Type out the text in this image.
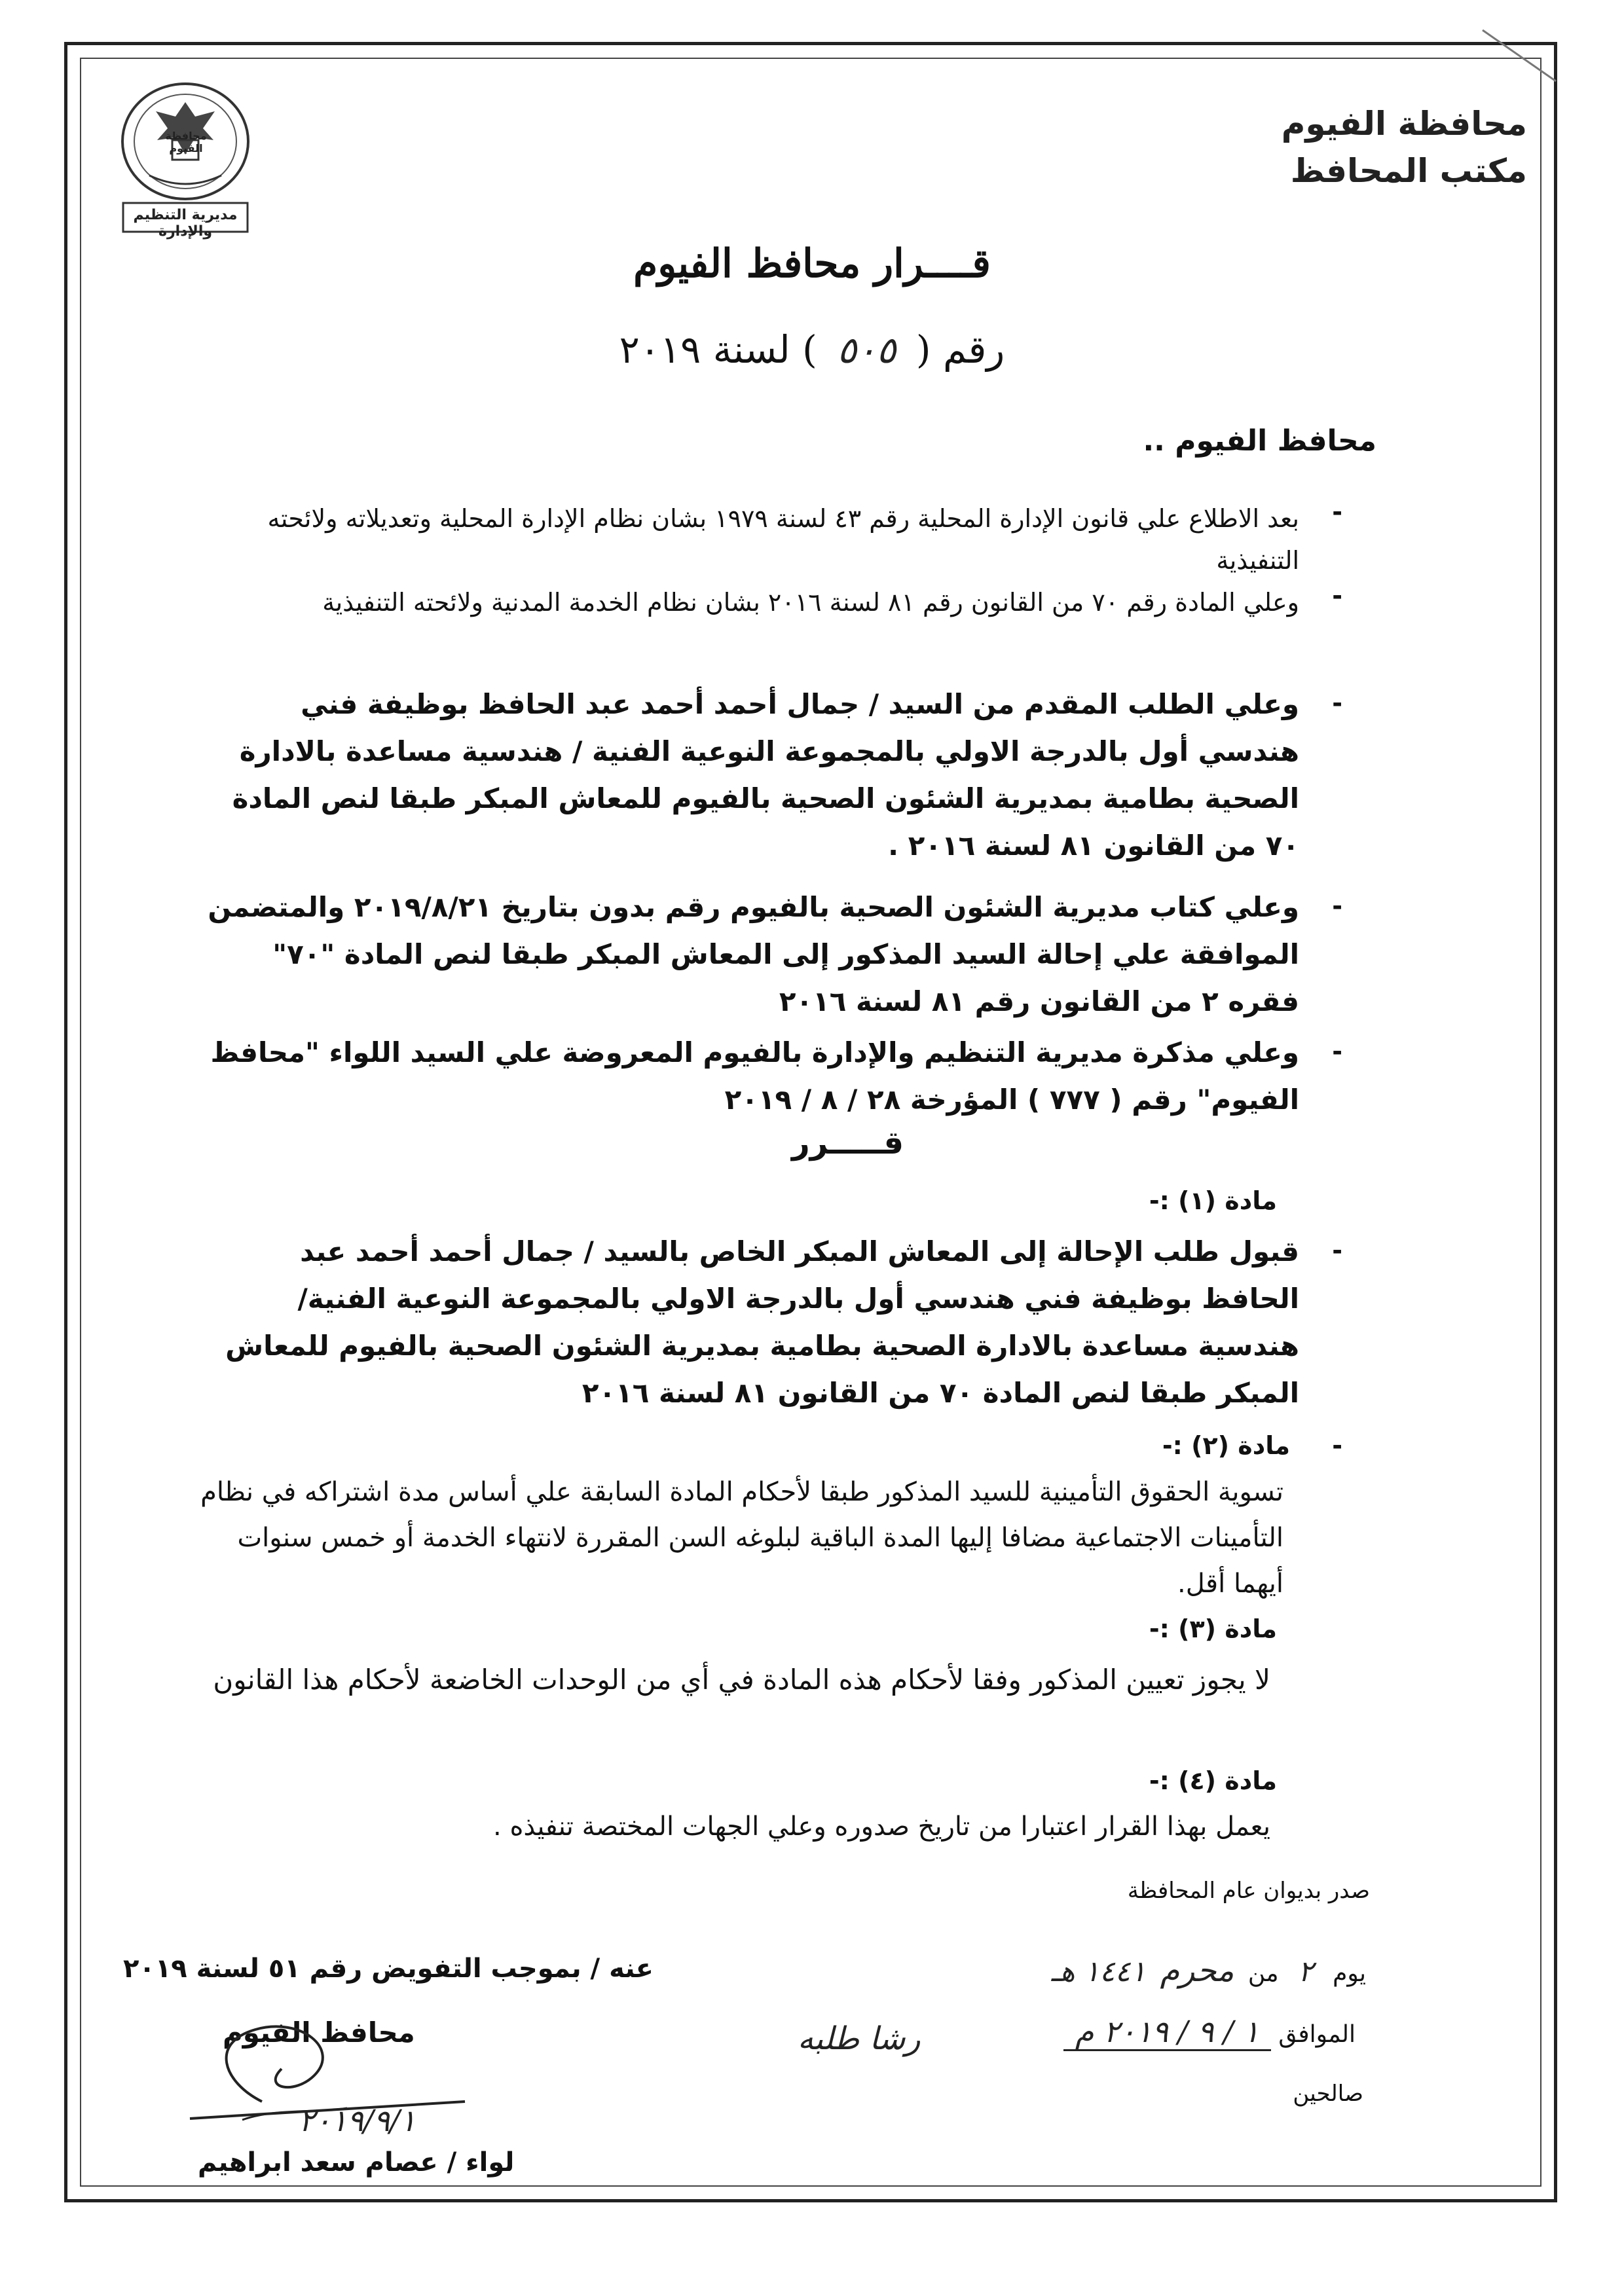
محافظة الفيوم
مكتب المحافظ
محافظة الفيوم
مديرية التنظيم والإدارة
قــــرار محافظ الفيوم
رقم ( ٥٠٥ ) لسنة ٢٠١٩
محافظ الفيوم ..
بعد الاطلاع علي قانون الإدارة المحلية رقم ٤٣ لسنة ١٩٧٩ بشان نظام الإدارة المحلية وتعديلاته ولائحته التنفيذية
-
وعلي المادة رقم ٧٠ من القانون رقم ٨١ لسنة ٢٠١٦ بشان نظام الخدمة المدنية ولائحته التنفيذية -
وعلي الطلب المقدم من السيد / جمال أحمد أحمد عبد الحافظ بوظيفة فني هندسي أول بالدرجة الاولي بالمجموعة النوعية الفنية / هندسية مساعدة بالادارة الصحية بطامية بمديرية الشئون الصحية بالفيوم للمعاش المبكر طبقا لنص المادة ٧٠ من القانون ٨١ لسنة ٢٠١٦ .
-
وعلي كتاب مديرية الشئون الصحية بالفيوم رقم بدون بتاريخ ٢٠١٩/٨/٢١ والمتضمن الموافقة علي إحالة السيد المذكور إلى المعاش المبكر طبقا لنص المادة "٧٠" فقره ٢ من القانون رقم ٨١ لسنة ٢٠١٦
-
وعلي مذكرة مديرية التنظيم والإدارة بالفيوم المعروضة علي السيد اللواء "محافظ الفيوم" رقم ( ٧٧٧ ) المؤرخة ٢٨ / ٨ / ٢٠١٩
-
قـــــرر
مادة (١) :-
قبول طلب الإحالة إلى المعاش المبكر الخاص بالسيد / جمال أحمد أحمد عبد الحافظ بوظيفة فني هندسي أول بالدرجة الاولي بالمجموعة النوعية الفنية/ هندسية مساعدة بالادارة الصحية بطامية بمديرية الشئون الصحية بالفيوم للمعاش المبكر طبقا لنص المادة ٧٠ من القانون ٨١ لسنة ٢٠١٦
-
مادة (٢) :- -
تسوية الحقوق التأمينية للسيد المذكور طبقا لأحكام المادة السابقة علي أساس مدة اشتراكه في نظام التأمينات الاجتماعية مضافا إليها المدة الباقية لبلوغه السن المقررة لانتهاء الخدمة أو خمس سنوات أيهما أقل.
مادة (٣) :-
لا يجوز تعيين المذكور وفقا لأحكام هذه المادة في أي من الوحدات الخاضعة لأحكام هذا القانون
مادة (٤) :-
يعمل بهذا القرار اعتبارا من تاريخ صدوره وعلي الجهات المختصة تنفيذه .
صدر بديوان عام المحافظة
يوم ٢ من محرم ١٤٤١ هـ
الموافق ١ / ٩ / ٢٠١٩ م
صالحين
رشا طلبه
عنه / بموجب التفويض رقم ٥١ لسنة ٢٠١٩
محافظ الفيوم
٢٠١٩/٩/١
لواء / عصام سعد ابراهيم
